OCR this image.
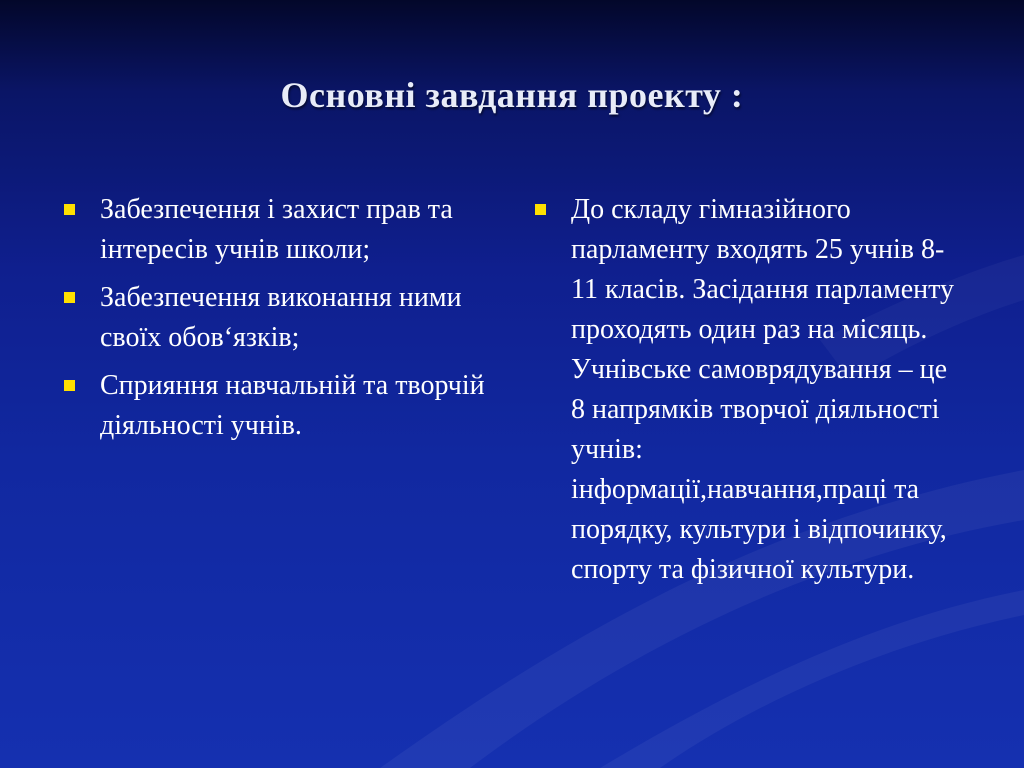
Основні завдання проекту :
Забезпечення і захист прав та інтересів учнів школи;
Забезпечення виконання ними своїх обов‘язків;
Сприяння навчальній та творчій діяльності учнів.
До складу гімназійного парламенту входять 25 учнів 8-11 класів. Засідання парламенту проходять один раз на місяць. Учнівське самоврядування – це 8 напрямків творчої діяльності учнів: інформації,навчання,праці та порядку, культури і відпочинку, спорту та фізичної культури.
